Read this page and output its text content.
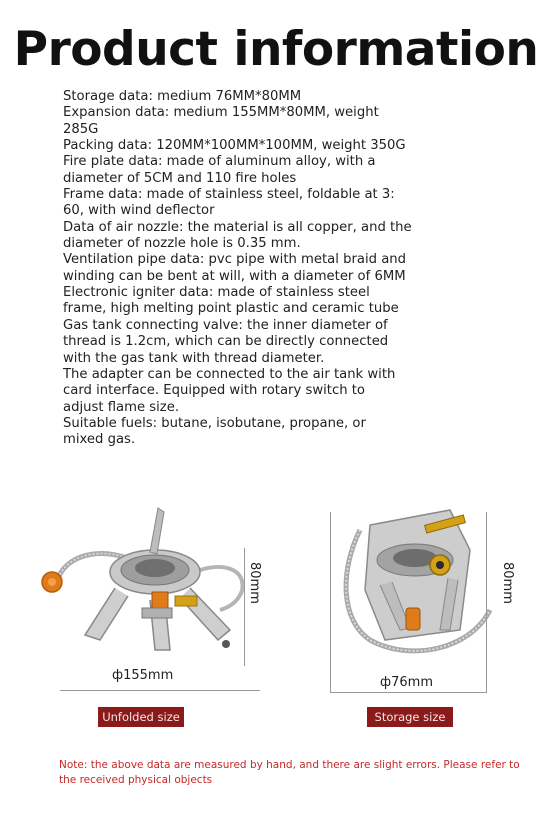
Product information
Storage data: medium 76MM*80MM
Expansion data: medium 155MM*80MM, weight
285G
Packing data: 120MM*100MM*100MM, weight 350G
Fire plate data: made of aluminum alloy, with a
diameter of 5CM and 110 fire holes
Frame data: made of stainless steel, foldable at 3:
60, with wind deflector
Data of air nozzle: the material is all copper, and the
diameter of nozzle hole is 0.35 mm.
Ventilation pipe data: pvc pipe with metal braid and
winding can be bent at will, with a diameter of 6MM
Electronic igniter data: made of stainless steel
frame, high melting point plastic and ceramic tube
Gas tank connecting valve: the inner diameter of
thread is 1.2cm, which can be directly connected
with the gas tank with thread diameter.
The adapter can be connected to the air tank with
card interface. Equipped with rotary switch to
adjust flame size.
Suitable fuels: butane, isobutane, propane, or
mixed gas.
80mm
ф155mm
Unfolded size
ф76mm
80mm
Storage size
Note: the above data are measured by hand, and there are slight errors. Please refer to the received physical objects
